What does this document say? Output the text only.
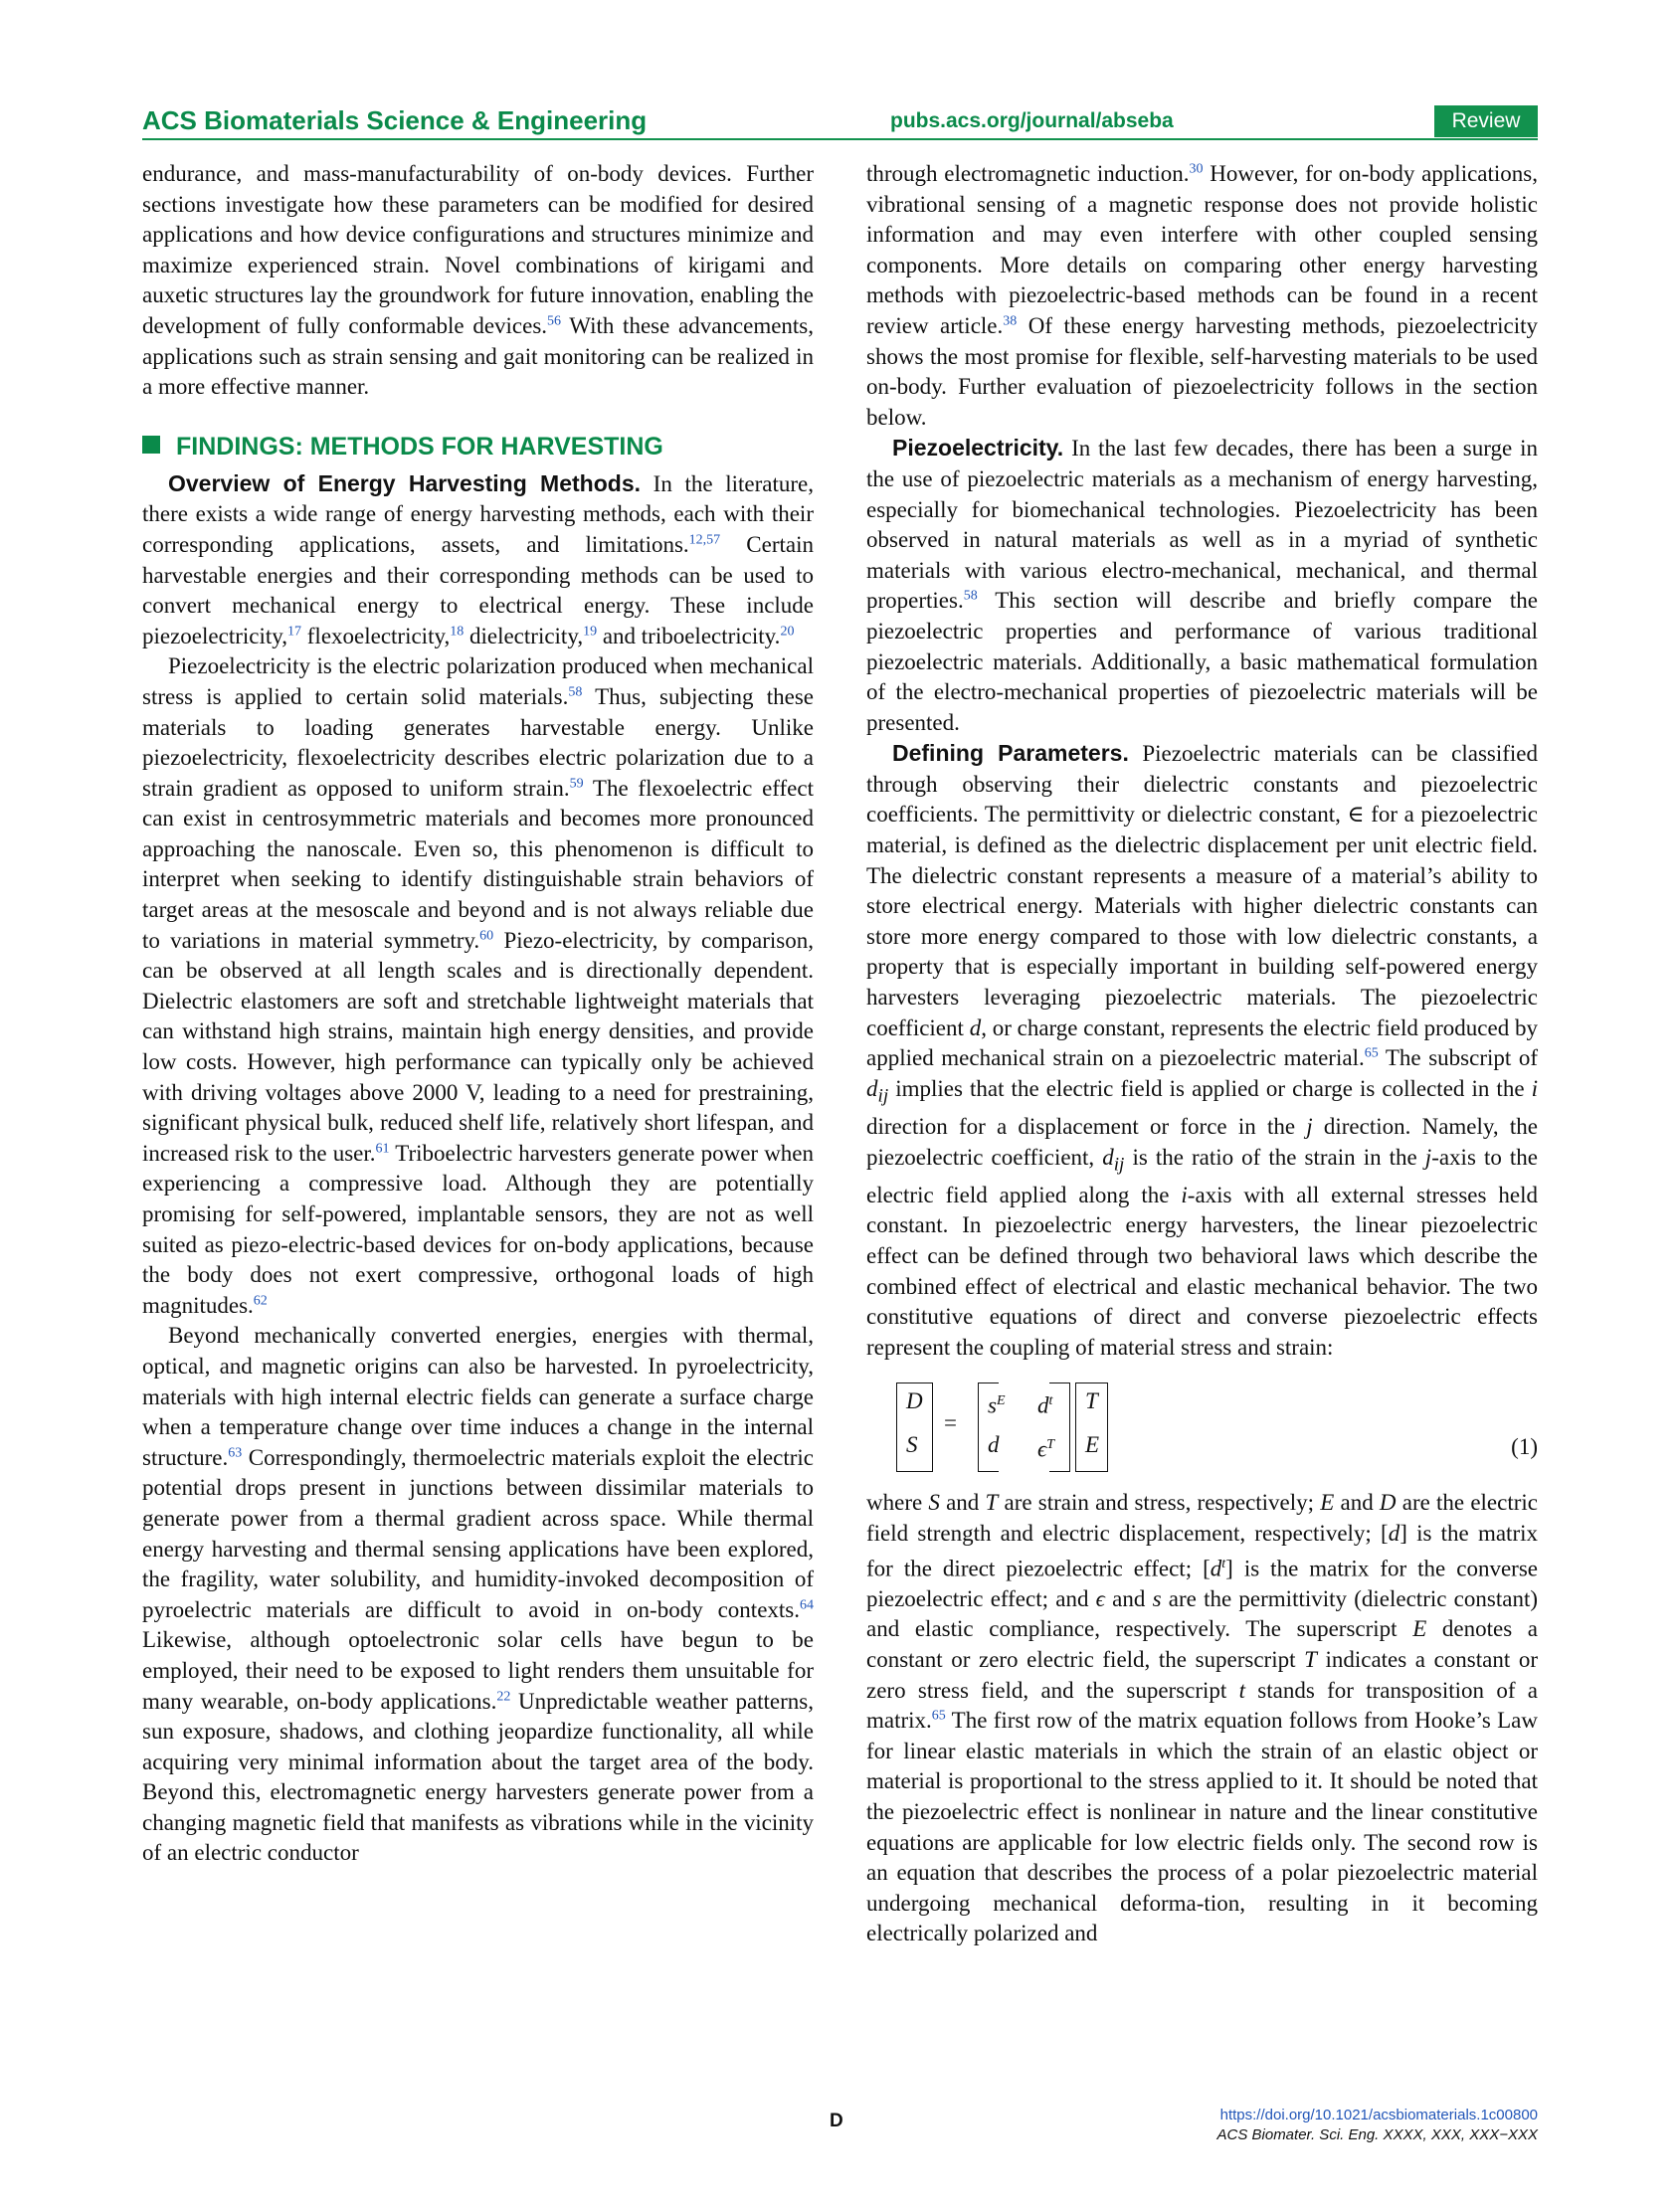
ACS Biomaterials Science & Engineering	pubs.acs.org/journal/abseba	Review

endurance, and mass-manufacturability of on-body devices. Further sections investigate how these parameters can be modified for desired applications and how device configurations and structures minimize and maximize experienced strain. Novel combinations of kirigami and auxetic structures lay the groundwork for future innovation, enabling the development of fully conformable devices.$^{56}$ With these advancements, applications such as strain sensing and gait monitoring can be realized in a more effective manner.

FINDINGS: METHODS FOR HARVESTING

Overview of Energy Harvesting Methods. In the literature, there exists a wide range of energy harvesting methods, each with their corresponding applications, assets, and limitations.$^{12,57}$ Certain harvestable energies and their corresponding methods can be used to convert mechanical energy to electrical energy. These include piezoelectricity,$^{17}$ flexoelectricity,$^{18}$ dielectricity,$^{19}$ and triboelectricity.$^{20}$

Piezoelectricity is the electric polarization produced when mechanical stress is applied to certain solid materials.$^{58}$ Thus, subjecting these materials to loading generates harvestable energy. Unlike piezoelectricity, flexoelectricity describes electric polarization due to a strain gradient as opposed to uniform strain.$^{59}$ The flexoelectric effect can exist in centrosymmetric materials and becomes more pronounced approaching the nanoscale. Even so, this phenomenon is difficult to interpret when seeking to identify distinguishable strain behaviors of target areas at the mesoscale and beyond and is not always reliable due to variations in material symmetry.$^{60}$ Piezo-electricity, by comparison, can be observed at all length scales and is directionally dependent. Dielectric elastomers are soft and stretchable lightweight materials that can withstand high strains, maintain high energy densities, and provide low costs. However, high performance can typically only be achieved with driving voltages above 2000 V, leading to a need for prestraining, significant physical bulk, reduced shelf life, relatively short lifespan, and increased risk to the user.$^{61}$ Triboelectric harvesters generate power when experiencing a compressive load. Although they are potentially promising for self-powered, implantable sensors, they are not as well suited as piezo-electric-based devices for on-body applications, because the body does not exert compressive, orthogonal loads of high magnitudes.$^{62}$

Beyond mechanically converted energies, energies with thermal, optical, and magnetic origins can also be harvested. In pyroelectricity, materials with high internal electric fields can generate a surface charge when a temperature change over time induces a change in the internal structure.$^{63}$ Correspondingly, thermoelectric materials exploit the electric potential drops present in junctions between dissimilar materials to generate power from a thermal gradient across space. While thermal energy harvesting and thermal sensing applications have been explored, the fragility, water solubility, and humidity-invoked decomposition of pyroelectric materials are difficult to avoid in on-body contexts.$^{64}$ Likewise, although optoelectronic solar cells have begun to be employed, their need to be exposed to light renders them unsuitable for many wearable, on-body applications.$^{22}$ Unpredictable weather patterns, sun exposure, shadows, and clothing jeopardize functionality, all while acquiring very minimal information about the target area of the body. Beyond this, electromagnetic energy harvesters generate power from a changing magnetic field that manifests as vibrations while in the vicinity of an electric conductor

through electromagnetic induction.$^{30}$ However, for on-body applications, vibrational sensing of a magnetic response does not provide holistic information and may even interfere with other coupled sensing components. More details on comparing other energy harvesting methods with piezoelectric-based methods can be found in a recent review article.$^{38}$ Of these energy harvesting methods, piezoelectricity shows the most promise for flexible, self-harvesting materials to be used on-body. Further evaluation of piezoelectricity follows in the section below.

Piezoelectricity. In the last few decades, there has been a surge in the use of piezoelectric materials as a mechanism of energy harvesting, especially for biomechanical technologies. Piezoelectricity has been observed in natural materials as well as in a myriad of synthetic materials with various electro-mechanical, mechanical, and thermal properties.$^{58}$ This section will describe and briefly compare the piezoelectric properties and performance of various traditional piezoelectric materials. Additionally, a basic mathematical formulation of the electro-mechanical properties of piezoelectric materials will be presented.

Defining Parameters. Piezoelectric materials can be classified through observing their dielectric constants and piezoelectric coefficients. The permittivity or dielectric constant, ∈ for a piezoelectric material, is defined as the dielectric displacement per unit electric field. The dielectric constant represents a measure of a material’s ability to store electrical energy. Materials with higher dielectric constants can store more energy compared to those with low dielectric constants, a property that is especially important in building self-powered energy harvesters leveraging piezoelectric materials. The piezoelectric coefficient d, or charge constant, represents the electric field produced by applied mechanical strain on a piezoelectric material.$^{65}$ The subscript of $d_{ij}$ implies that the electric field is applied or charge is collected in the i direction for a displacement or force in the j direction. Namely, the piezoelectric coefficient, $d_{ij}$ is the ratio of the strain in the j-axis to the electric field applied along the i-axis with all external stresses held constant. In piezoelectric energy harvesters, the linear piezoelectric effect can be defined through two behavioral laws which describe the combined effect of electrical and elastic mechanical behavior. The two constitutive equations of direct and converse piezoelectric effects represent the coupling of material stress and strain:

D
S
=
$s^E$ $d^t$
d $\epsilon^T$
T
E	(1)

where S and T are strain and stress, respectively; E and D are the electric field strength and electric displacement, respectively; [d] is the matrix for the direct piezoelectric effect; $[d^t]$ is the matrix for the converse piezoelectric effect; and ϵ and s are the permittivity (dielectric constant) and elastic compliance, respectively. The superscript E denotes a constant or zero electric field, the superscript T indicates a constant or zero stress field, and the superscript t stands for transposition of a matrix.$^{65}$ The first row of the matrix equation follows from Hooke’s Law for linear elastic materials in which the strain of an elastic object or material is proportional to the stress applied to it. It should be noted that the piezoelectric effect is nonlinear in nature and the linear constitutive equations are applicable for low electric fields only. The second row is an equation that describes the process of a polar piezoelectric material undergoing mechanical deforma-tion, resulting in it becoming electrically polarized and

D	https://doi.org/10.1021/acsbiomaterials.1c00800
ACS Biomater. Sci. Eng. XXXX, XXX, XXX−XXX
